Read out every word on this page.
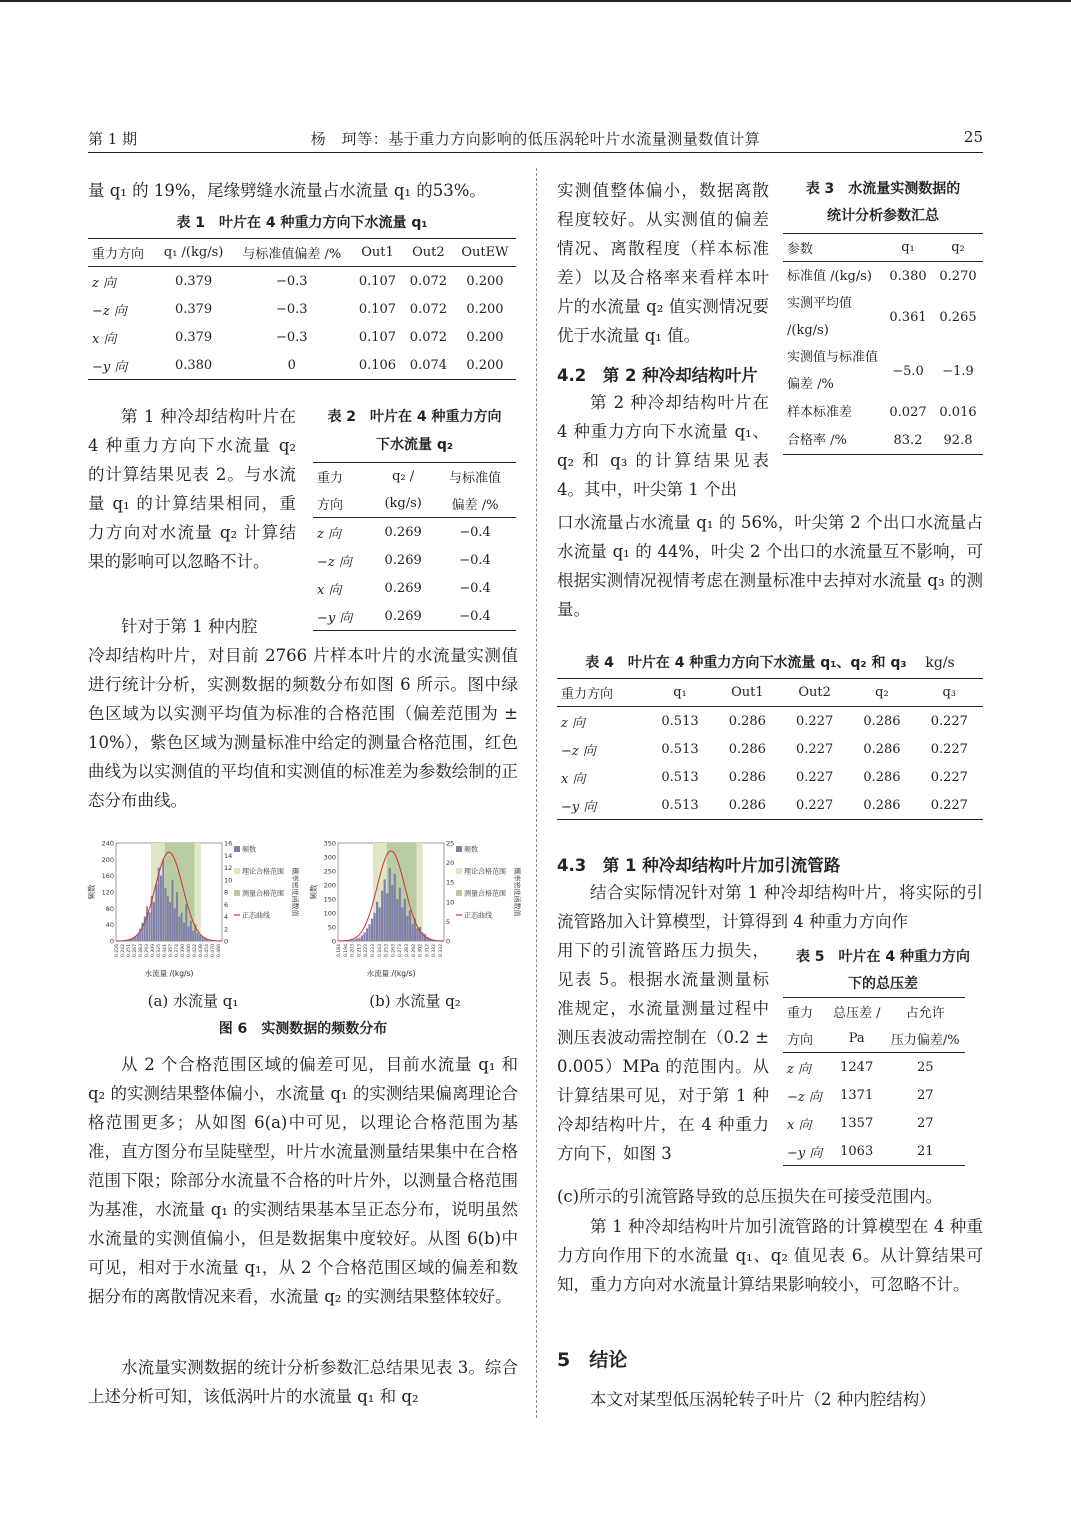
第 1 期	杨　珂等：基于重力方向影响的低压涡轮叶片水流量测量数值计算	25

量 q₁ 的 19%，尾缘劈缝水流量占水流量 q₁ 的53%。

表 1　叶片在 4 种重力方向下水流量 q₁
重力方向	q₁ /(kg/s)	与标准值偏差 /%	Out1	Out2	OutEW
z 向	0.379	−0.3	0.107	0.072	0.200
−z 向	0.379	−0.3	0.107	0.072	0.200
x 向	0.379	−0.3	0.107	0.072	0.200
−y 向	0.380	0	0.106	0.074	0.200

第 1 种冷却结构叶片在 4 种重力方向下水流量 q₂ 的计算结果见表 2。与水流量 q₁ 的计算结果相同，重力方向对水流量 q₂ 计算结果的影响可以忽略不计。

表 2　叶片在 4 种重力方向
下水流量 q₂
重力	q₂ /	与标准值
方向	(kg/s)	偏差 /%
z 向	0.269	−0.4
−z 向	0.269	−0.4
x 向	0.269	−0.4
−y 向	0.269	−0.4

针对于第 1 种内腔

冷却结构叶片，对目前 2766 片样本叶片的水流量实测值进行统计分析，实测数据的频数分布如图 6 所示。图中绿色区域为以实测平均值为标准的合格范围（偏差范围为 ± 10%），紫色区域为测量标准中给定的测量合格范围，红色曲线为以实测值的平均值和实测值的标准差为参数绘制的正态分布曲线。

240
200
160
120
80
40
0
16
14
12
10
8
6
4
2
0
0.226 0.242 0.251 0.267 0.283 0.293 0.309 0.325 0.341 0.357 0.374 0.390 0.406 0.422 0.438 0.454 0.470 0.486
水流量 /(kg/s)
频数	概率密度函数值
频数
理论合格范围
测量合格范围
正态曲线
350
300
250
200
150
100
50
0
25
20
15
10
5
0
0.184 0.194 0.203 0.213 0.223 0.233 0.243 0.253 0.263 0.273 0.283 0.292 0.302 0.312 0.322 0.332
水流量 /(kg/s)
频数	概率密度函数值
频数
理论合格范围
测量合格范围
正态曲线
(a) 水流量 q₁	(b) 水流量 q₂
图 6　实测数据的频数分布

从 2 个合格范围区域的偏差可见，目前水流量 q₁ 和 q₂ 的实测结果整体偏小，水流量 q₁ 的实测结果偏离理论合格范围更多；从如图 6(a)中可见，以理论合格范围为基准，直方图分布呈陡壁型，叶片水流量测量结果集中在合格范围下限；除部分水流量不合格的叶片外，以测量合格范围为基准，水流量 q₁ 的实测结果基本呈正态分布，说明虽然水流量的实测值偏小，但是数据集中度较好。从图 6(b)中可见，相对于水流量 q₁，从 2 个合格范围区域的偏差和数据分布的离散情况来看，水流量 q₂ 的实测结果整体较好。

水流量实测数据的统计分析参数汇总结果见表 3。综合上述分析可知，该低涡叶片的水流量 q₁ 和 q₂

实测值整体偏小，数据离散程度较好。从实测值的偏差情况、离散程度（样本标准差）以及合格率来看样本叶片的水流量 q₂ 值实测情况要优于水流量 q₁ 值。

表 3　水流量实测数据的
统计分析参数汇总
参数	q₁	q₂
标准值 /(kg/s)	0.380	0.270
实测平均值 /(kg/s)	0.361	0.265
实测值与标准值偏差 /%	−5.0	−1.9
样本标准差	0.027	0.016
合格率 /%	83.2	92.8
4.2　第 2 种冷却结构叶片

第 2 种冷却结构叶片在 4 种重力方向下水流量 q₁、q₂ 和 q₃ 的计算结果见表 4。其中，叶尖第 1 个出

口水流量占水流量 q₁ 的 56%，叶尖第 2 个出口水流量占水流量 q₁ 的 44%，叶尖 2 个出口的水流量互不影响，可根据实测情况视情考虑在测量标准中去掉对水流量 q₃ 的测量。

表 4　叶片在 4 种重力方向下水流量 q₁、q₂ 和 q₃ kg/s
重力方向	q₁	Out1	Out2	q₂	q₃
z 向	0.513	0.286	0.227	0.286	0.227
−z 向	0.513	0.286	0.227	0.286	0.227
x 向	0.513	0.286	0.227	0.286	0.227
−y 向	0.513	0.286	0.227	0.286	0.227
4.3　第 1 种冷却结构叶片加引流管路

结合实际情况针对第 1 种冷却结构叶片，将实际的引流管路加入计算模型，计算得到 4 种重力方向作

用下的引流管路压力损失，见表 5。根据水流量测量标准规定，水流量测量过程中测压表波动需控制在（0.2 ± 0.005）MPa 的范围内。从计算结果可见，对于第 1 种冷却结构叶片，在 4 种重力方向下，如图 3

表 5　叶片在 4 种重力方向
下的总压差
重力	总压差 /	占允许
方向	Pa	压力偏差/%
z 向	1247	25
−z 向	1371	27
x 向	1357	27
−y 向	1063	21

(c)所示的引流管路导致的总压损失在可接受范围内。

第 1 种冷却结构叶片加引流管路的计算模型在 4 种重力方向作用下的水流量 q₁、q₂ 值见表 6。从计算结果可知，重力方向对水流量计算结果影响较小，可忽略不计。

5　结论

本文对某型低压涡轮转子叶片（2 种内腔结构）
